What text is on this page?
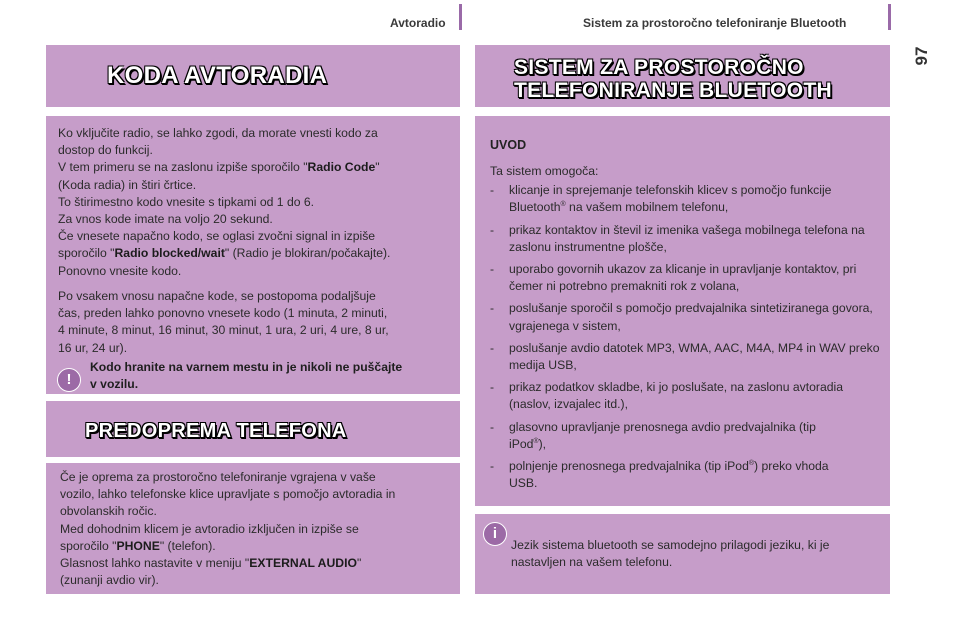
Avtoradio	Sistem za prostoročno telefoniranje Bluetooth
97
KODA AVTORADIA

Ko vključite radio, se lahko zgodi, da morate vnesti kodo za

dostop do funkcij.

V tem primeru se na zaslonu izpiše sporočilo "Radio Code"

(Koda radia) in štiri črtice.

To štirimestno kodo vnesite s tipkami od 1 do 6.

Za vnos kode imate na voljo 20 sekund.

Če vnesete napačno kodo, se oglasi zvočni signal in izpiše

sporočilo "Radio blocked/wait" (Radio je blokiran/počakajte).

Ponovno vnesite kodo.

Po vsakem vnosu napačne kode, se postopoma podaljšuje

čas, preden lahko ponovno vnesete kodo (1 minuta, 2 minuti,

4 minute, 8 minut, 16 minut, 30 minut, 1 ura, 2 uri, 4 ure, 8 ur,

16 ur, 24 ur).

!

Kodo hranite na varnem mestu in je nikoli ne puščajte

v vozilu.

PREDOPREMA TELEFONA

Če je oprema za prostoročno telefoniranje vgrajena v vaše

vozilo, lahko telefonske klice upravljate s pomočjo avtoradia in

obvolanskih ročic.

Med dohodnim klicem je avtoradio izključen in izpiše se

sporočilo "PHONE" (telefon).

Glasnost lahko nastavite v meniju "EXTERNAL AUDIO"

(zunanji avdio vir).

SISTEM ZA PROSTOROČNO
TELEFONIRANJE BLUETOOTH
UVOD

Ta sistem omogoča:

- klicanje in sprejemanje telefonskih klicev s pomočjo funkcije
Bluetooth® na vašem mobilnem telefonu,
- prikaz kontaktov in števil iz imenika vašega mobilnega telefona na zaslonu instrumentne plošče,
- uporabo govornih ukazov za klicanje in upravljanje kontaktov, pri čemer ni potrebno premakniti rok z volana,
- poslušanje sporočil s pomočjo predvajalnika sintetiziranega govora, vgrajenega v sistem,
- poslušanje avdio datotek MP3, WMA, AAC, M4A, MP4 in WAV preko medija USB,
- prikaz podatkov skladbe, ki jo poslušate, na zaslonu avtoradia (naslov, izvajalec itd.),
- glasovno upravljanje prenosnega avdio predvajalnika (tip
iPod®),
- polnjenje prenosnega predvajalnika (tip iPod®) preko vhoda
USB.
i

Jezik sistema bluetooth se samodejno prilagodi jeziku, ki je

nastavljen na vašem telefonu.
